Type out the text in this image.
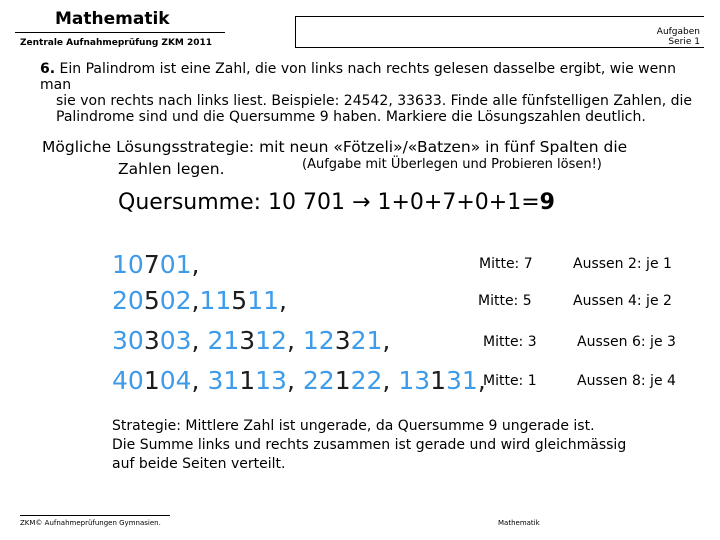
Mathematik
Zentrale Aufnahmeprüfung ZKM 2011
Aufgaben
Serie 1
6. Ein Palindrom ist eine Zahl, die von links nach rechts gelesen dasselbe ergibt, wie wenn man
sie von rechts nach links liest. Beispiele: 24542, 33633. Finde alle fünfstelligen Zahlen, die
Palindrome sind und die Quersumme 9 haben. Markiere die Lösungszahlen deutlich.
Mögliche Lösungsstrategie: mit neun «Fötzeli»/«Batzen» in fünf Spalten die
Zahlen legen.	(Aufgabe mit Überlegen und Probieren lösen!)
Quersumme: 10 701 → 1+0+7+0+1=9
10701,
20502,11511,
30303, 21312, 12321,
40104, 31113, 22122, 13131,
Mitte: 7
Mitte: 5
Mitte: 3
Mitte: 1
Aussen 2: je 1
Aussen 4: je 2
Aussen 6: je 3
Aussen 8: je 4
Strategie: Mittlere Zahl ist ungerade, da Quersumme 9 ungerade ist.
Die Summe links und rechts zusammen ist gerade und wird gleichmässig
auf beide Seiten verteilt.
ZKM© Aufnahmeprüfungen Gymnasien.	Mathematik
